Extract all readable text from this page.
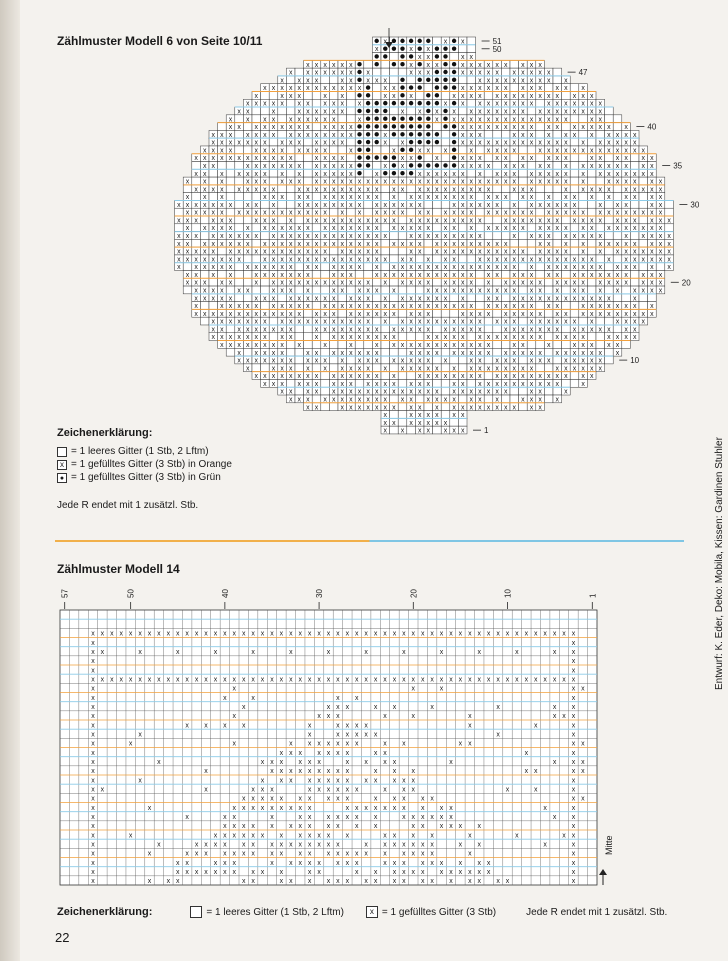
Zählmuster Modell 6 von Seite 10/11	x	x x
x	x x
x x	x x
x x x x x x	x x x	x x x x x x x x x
x x x x x x x x	x x x	x x x x x x x x x x
x x x x	x x x x x	x x x x x x x x x x
x x x x x x x x x x x x	x x	x x x x x x x x x x x x
x	x x x	x x	x x x	x x x x x x x x x x x x x x x
x x x x x x x x x x x	x x x x x x x x x x x x x x x x
x x	x	x x x x x x	x x x x x x x x x x x x x x x x x x x
x x x x x x x x x x	x	x x x x x x x x x x x x x x x	x x
x x x x x x x x x x x x x	x x x x x x x x x x x x x x x x x
x x x x x x x x x x x x x x x	x	x x x	x x x x x x x x x x x
x x x x x x x x x x x x x x	x x	x x x x x x x x x x x x x x x x x x x
x x x x	x x x x x x x x	x	x	x x x	x x x x x	x x x x x x x x x x x x x
x x x x x x x x x x x x	x x x x	x x	x	x x x x x x x x x x	x x x x x x
x x	x x x x x x x x x x x x	x x	x x x x x x x x x x x x x x x x x x
x x x x x x x x x x x x x x	x	x x x x x x x x x x x x x x x x x x x x x x x
x x x	x x x x x x x x x x x x x x x x x x x x x x x x x x x x x x x x x x x x	x x x x x x
x x x x x x x x x	x x x x x x x x x x x x x x x x x x x x x	x x x	x x x x x x x x x x
x x x	x x x x x x x x x x x x x x x x x x x x x x x x x x x x x x x x x x x
x x x x x x x x x x	x x x x x x x x x x x x x x	x x x x x x x x x x x x x	x x x	x x
x x x x x x x x x x x x x x x x x x x x x x x x x x x x x x x x x x x x x x x x x x x x x x x
x x x x x x	x x x x x x x x x x x x x x x x x x x x x x x x	x x x x x x x x x x x x x x x x x
x x x x x x x x x x x x x x x x x x x x x x x x x x x x x x x x x x x x x x x x x x x x x
x x x x x x x x x x x x x x x x x x x x x x x	x x x x x x x x x	x x x x x x x x x	x x x x x
x x x x x x x x x x x x x x x x x x x x x x x x x x x x x x x x x x x	x x x x x x x x x x x x
x x x x x x x x x x x x x x x x x x x x x x	x x x x x x x x x x x x x x x x x x x x x x x x x x
x x x x x x x x	x x x x x x x x x x x x x x x x x x x x	x x x x x x x x x x x x x x x x x x x x x
x x x x x x x x x x x x x x x x x x x x x x x x x x x x x x x x x x x x x x x x x x x x x x x
x x x x	x x x x x x x	x x x	x x x x x x x x x x x x x x x x x x x x x x x x x x x x x
x x x x x	x x x x x x x x x x x x x x x x x x x x x x x x x x x x x x x x x x x x x x x
x x x x x x	x x x x	x x x x x x	x x x x x x x x x x x x x x x x x x x x x x
x x x x x	x x x x x x x x x x x x x x x x x x x x	x x x x x x x x x x x x x x	x
x	x x x x x x x x x x x x x x x x x x x x x x x x x x x x x x x x x x x x	x x x x x x x x
x x x x x x x x x x x x x x x x x x x x x x x x x	x x x x x x x x x x x x x x x x x x x x
x x x x x x x x x x x x x x x x x x x x x x x x x x x x x x x x x x x x x x x	x x x x
x x x x x x x x x	x x x x x x x x x x x x x x x x x x	x x x x x x x x x x x x x x
x x x x x x x x x	x x x x x x x x x	x x x x x x x x x x x x x x x x x	x x x x
x x x x x x x x x	x	x	x x x x x x x x x x x x x	x x	x	x x x x x
x x x x x	x x x x x x x x	x x x x x x x x x x x x x x x x x x x x x
x x x x x x x x x x x x x x x x x x x x	x x x x x x x x x x x x x
x	x x x x x x x x x x x x x x x x x x x x x x x x	x x x x x x
x x x x x x x x x x x x x x x	x x x x x x x x x x x x x x x x x x x
x x x x x x x x x x x x x x x x	x x x x x x x x x x x x	x
x x x x x x x x x x x x x x x x x x x x x x x x	x x	x
x x x x x x x x x x x x x x x x x x x x	x x x x
x x	x x x x x x x x x x x x x x x x x x x x
x	x x x x x x
x x x x x x x
x x x x x x x
51
50
47
40
35
30
20
10
1
Zeichenerklärung:
= 1 leeres Gitter (1 Stb, 2 Lftm)
x
= 1 gefülltes Gitter (3 Stb) in Orange
●
= 1 gefülltes Gitter (3 Stb) in Grün
Jede R endet mit 1 zusätzl. Stb.
Zählmuster Modell 14
x x x x x x x x x x x x x x x x x x x x x x x x x x x x x x x x x x x x x x x x x x x x x x x x x x x x
x	x
x x	x	x	x	x	x	x	x	x	x	x	x	x x
x	x
x	x
x x x x x x x x x x x x x x x x x x x x x x x x x x x x x x x x x x x x x x x x x x x x x x x x x x x x
x	x	x	x	x x
x	x	x	x x	x
x	x	x x x	x x	x	x	x x
x	x	x x x	x	x	x	x x x
x	x x x x	x	x x x x	x	x	x
x	x	x	x x x x x	x	x
x	x	x	x x x x x x x	x x	x x	x x
x	x x x x x x x	x x	x	x
x	x	x x x x x x	x x x x	x	x x x
x	x	x x x x x x x x x	x x x	x x	x x
x	x	x x x x x x x x x x x x x	x
x x	x	x x x	x x x x x x	x x x	x	x	x
x	x x x x x x x x x x	x x x x x	x x
x	x	x x x x x x x x x	x x x x x x x x x x	x	x
x	x	x x	x	x x x x x x x	x x x x x x	x x
x	x x x x x x x x x x x x	x x x x x x	x
x	x	x x x x x x x x x x x x	x x x x	x	x	x x
x	x	x x x x x x x x x x x x x x	x x x x x x x	x x	x	x
x	x	x x x x x x x x x x x x x x x x x x x x x	x	x
x	x x	x x x	x x x x x x x x	x x x x x x x x x	x
x	x x x x x x x x x x	x x	x x x x x x x x x x x x	x
x	x x x	x x	x x x x x x x x x x x x x x x x x	x
57	50	40	30	20	10	1
Mitte
Zeichenerklärung:	= 1 leeres Gitter (1 Stb, 2 Lftm)
x	= 1 gefülltes Gitter (3 Stb)	Jede R endet mit 1 zusätzl. Stb.
Entwurf: K. Eder, Deko: Mobila, Kissen: Gardinen Stuhler
22
